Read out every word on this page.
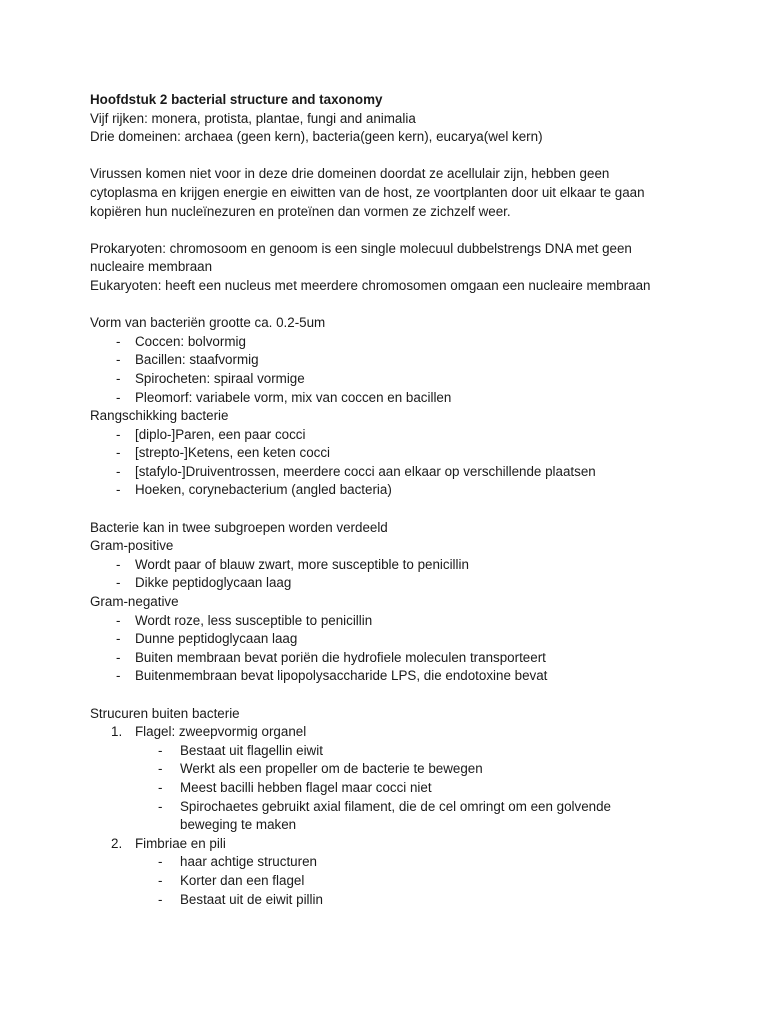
Hoofdstuk 2 bacterial structure and taxonomy

Vijf rijken: monera, protista, plantae, fungi and animalia

Drie domeinen: archaea (geen kern), bacteria(geen kern), eucarya(wel kern)

Virussen komen niet voor in deze drie domeinen doordat ze acellulair zijn, hebben geen

cytoplasma en krijgen energie en eiwitten van de host, ze voortplanten door uit elkaar te gaan

kopiëren hun nucleïnezuren en proteïnen dan vormen ze zichzelf weer.

Prokaryoten: chromosoom en genoom is een single molecuul dubbelstrengs DNA met geen

nucleaire membraan

Eukaryoten: heeft een nucleus met meerdere chromosomen omgaan een nucleaire membraan

Vorm van bacteriën grootte ca. 0.2-5um

- Coccen: bolvormig
- Bacillen: staafvormig
- Spirocheten: spiraal vormige
- Pleomorf: variabele vorm, mix van coccen en bacillen

Rangschikking bacterie

- [diplo-]Paren, een paar cocci
- [strepto-]Ketens, een keten cocci
- [stafylo-]Druiventrossen, meerdere cocci aan elkaar op verschillende plaatsen
- Hoeken, corynebacterium (angled bacteria)

Bacterie kan in twee subgroepen worden verdeeld

Gram-positive

- Wordt paar of blauw zwart, more susceptible to penicillin
- Dikke peptidoglycaan laag

Gram-negative

- Wordt roze, less susceptible to penicillin
- Dunne peptidoglycaan laag
- Buiten membraan bevat poriën die hydrofiele moleculen transporteert
- Buitenmembraan bevat lipopolysaccharide LPS, die endotoxine bevat

Strucuren buiten bacterie

1. Flagel: zweepvormig organel
- Bestaat uit flagellin eiwit
- Werkt als een propeller om de bacterie te bewegen
- Meest bacilli hebben flagel maar cocci niet
- Spirochaetes gebruikt axial filament, die de cel omringt om een golvende beweging te maken
2. Fimbriae en pili
- haar achtige structuren
- Korter dan een flagel
- Bestaat uit de eiwit pillin
